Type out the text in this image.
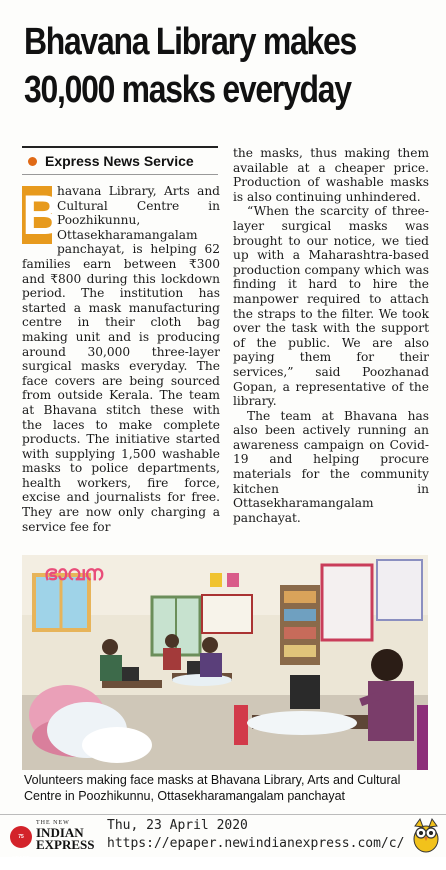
Bhavana Library makes
30,000 masks everyday
Express News Service

B
havana Library, Arts and Cultural Centre in Poozhikunnu, Ottasekharamangalam panchayat, is helping 62 families earn between ₹300 and ₹800 during this lockdown period. The institution has started a mask manufacturing centre in their cloth bag making unit and is producing around 30,000 three-layer surgical masks everyday. The face covers are being sourced from outside Kerala. The team at Bhavana stitch these with the laces to make complete products. The initiative started with supplying 1,500 washable masks to police departments, health workers, fire force, excise and journalists for free. They are now only charging a service fee for

the masks, thus making them available at a cheaper price. Production of washable masks is also continuing unhindered.

“When the scarcity of three-layer surgical masks was brought to our notice, we tied up with a Maharashtra-based production company which was finding it hard to hire the manpower required to attach the straps to the filter. We took over the task with the support of the public. We are also paying them for their services,” said Poozhanad Gopan, a representative of the library.

The team at Bhavana has also been actively running an awareness campaign on Covid-19 and helping procure materials for the community kitchen in Ottasekharamangalam panchayat.

ഭാവന

Volunteers making face masks at Bhavana Library, Arts and Cultural Centre in Poozhikunnu, Ottasekharamangalam panchayat

75 YEARS
THE NEW
INDIAN
EXPRESS
Thu, 23 April 2020
https://epaper.newindianexpress.com/c/
